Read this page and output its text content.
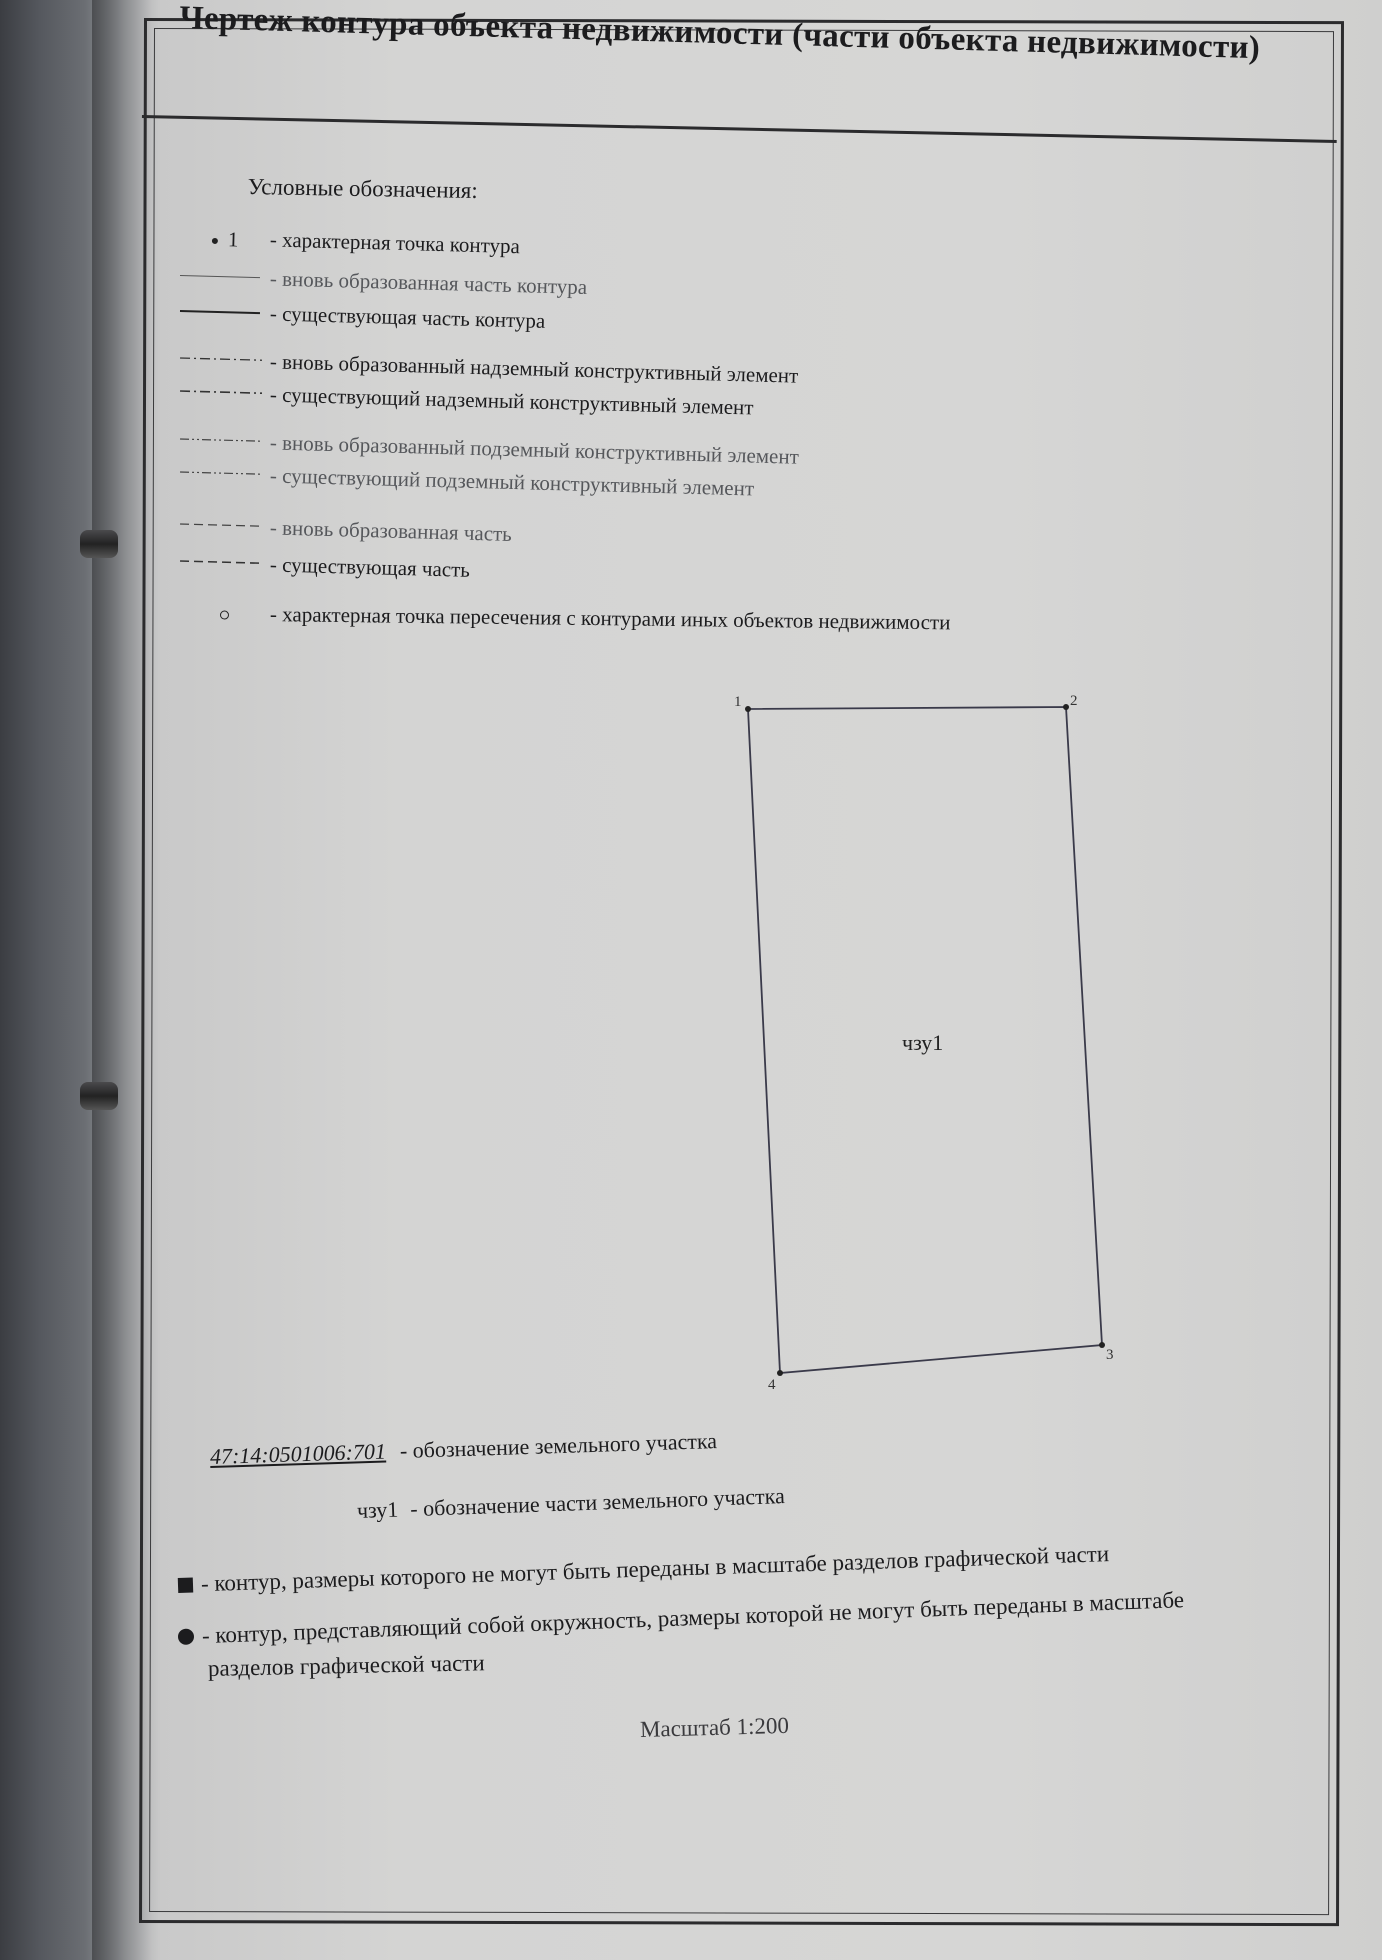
Чертеж контура объекта недвижимости (части объекта недвижимости)
Условные обозначения:
1 - характерная точка контура
- вновь образованная часть контура
- существующая часть контура
- вновь образованный надземный конструктивный элемент
- существующий надземный конструктивный элемент
- вновь образованный подземный конструктивный элемент
- существующий подземный конструктивный элемент
- вновь образованная часть
- существующая часть
- характерная точка пересечения с контурами иных объектов недвижимости
1	2
3
4
чзу1
47:14:0501006:701 - обозначение земельного участка
чзу1 - обозначение части земельного участка
- контур, размеры которого не могут быть переданы в масштабе разделов графической части
- контур, представляющий собой окружность, размеры которой не могут быть переданы в масштабе
разделов графической части
Масштаб 1:200
